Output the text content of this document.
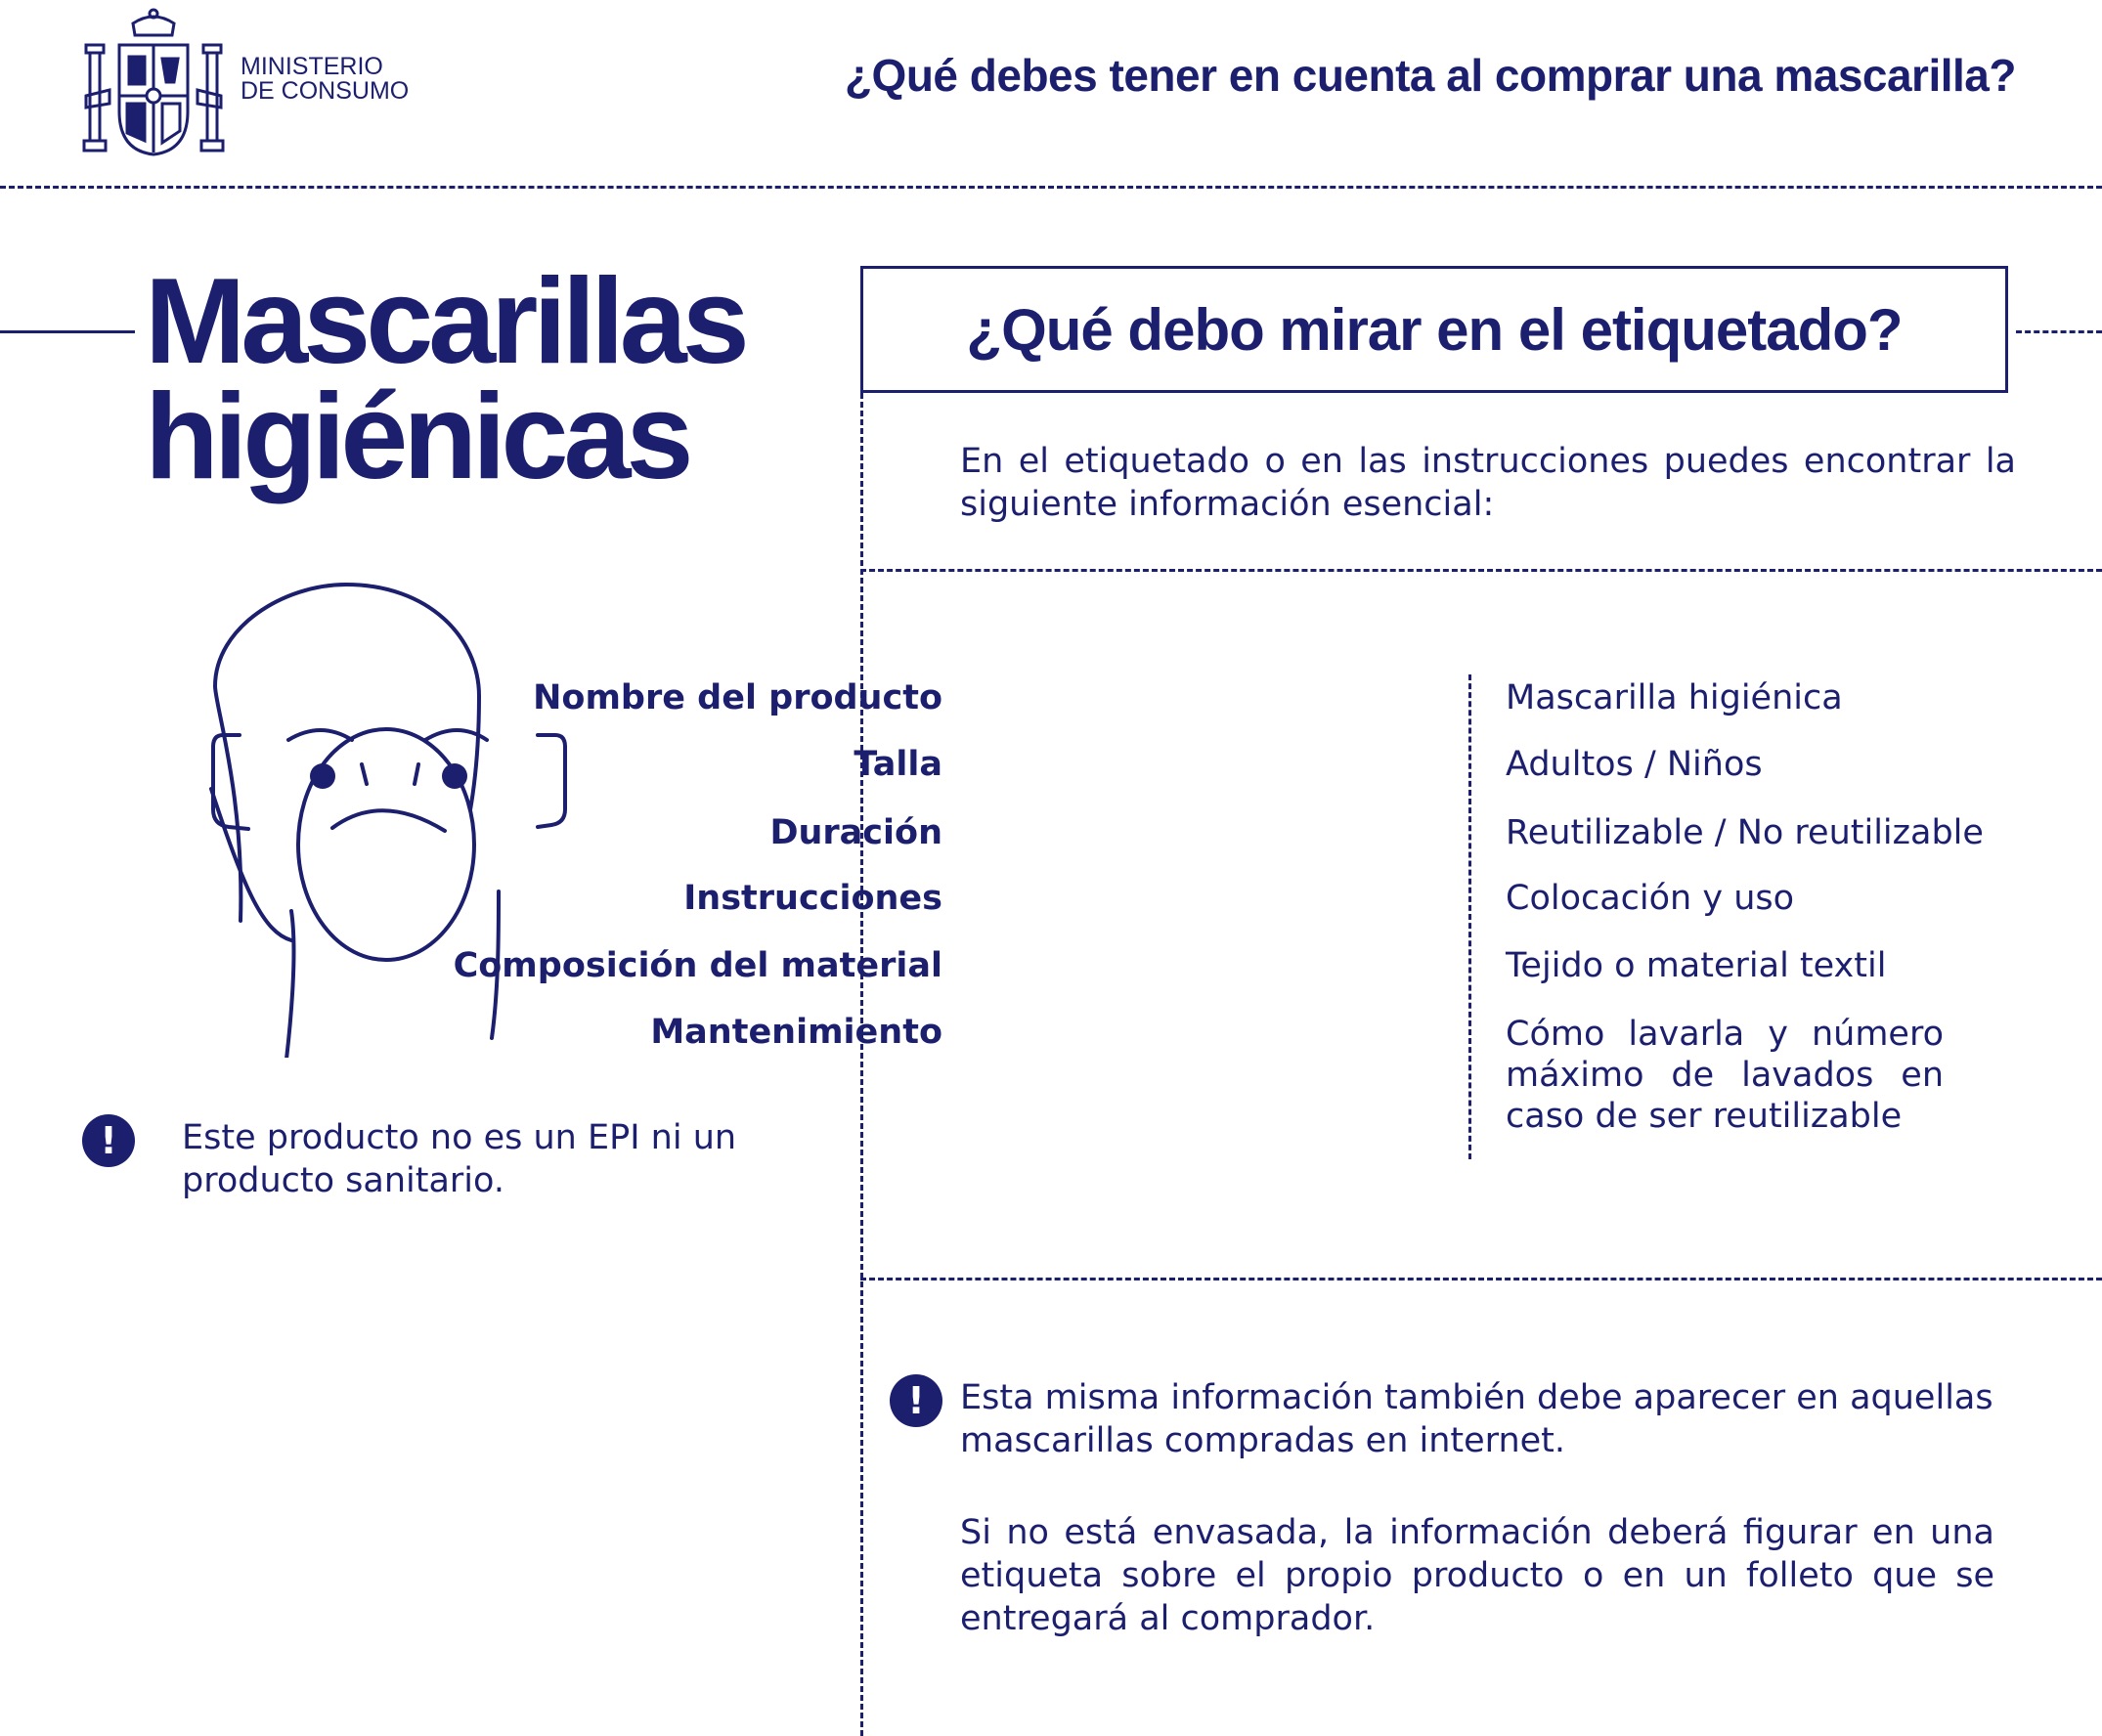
MINISTERIO
DE CONSUMO	¿Qué debes tener en cuenta al comprar una mascarilla?
Mascarillas
higiénicas
!	Este producto no es un EPI ni un
producto sanitario.
¿Qué debo mirar en el etiquetado?
En el etiquetado o en las instrucciones puedes encontrar la siguiente información esencial:
Nombre del producto	Mascarilla higiénica
Talla	Adultos / Niños
Duración	Reutilizable / No reutilizable
Instrucciones	Colocación y uso
Composición del material	Tejido o material textil
Mantenimiento	Cómo lavarla y número
máximo de lavados en
caso de ser reutilizable
!	Esta misma información también debe aparecer en aquellas
mascarillas compradas en internet.
Si no está envasada, la información deberá figurar en una
etiqueta sobre el propio producto o en un folleto que se
entregará al comprador.
